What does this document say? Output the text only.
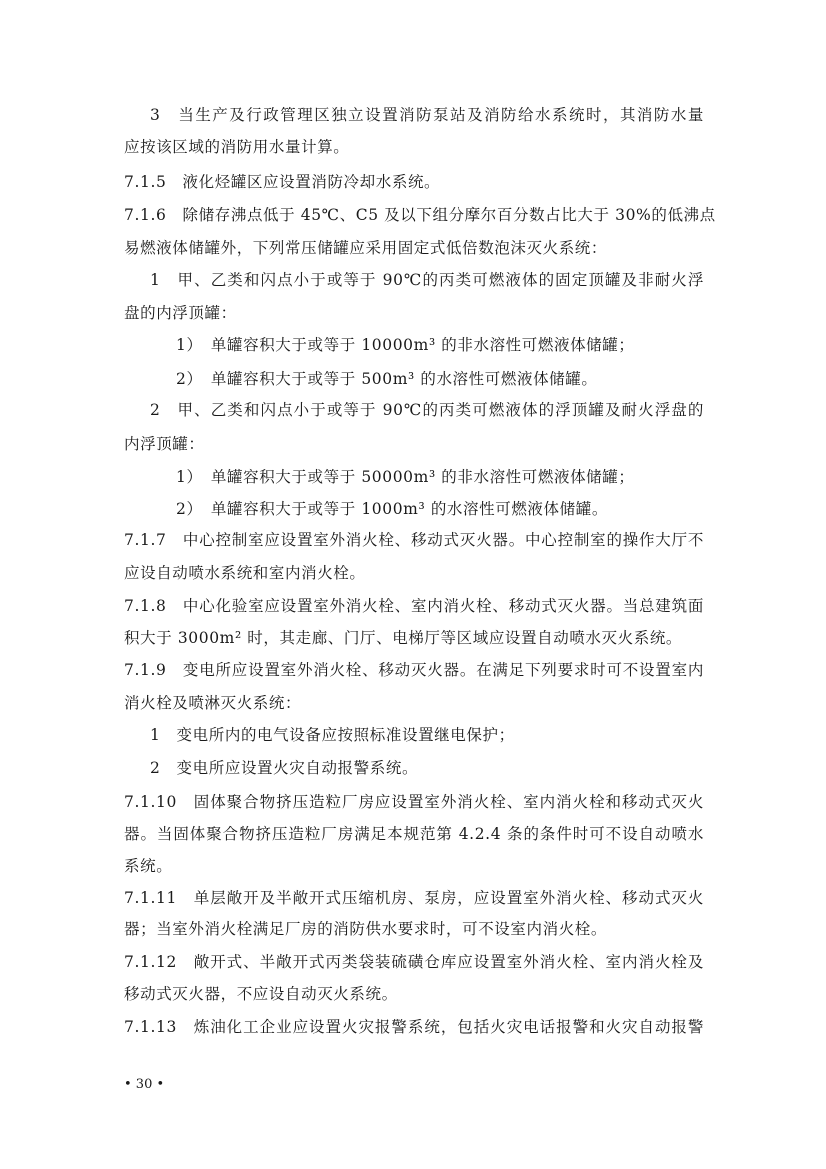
3　当生产及行政管理区独立设置消防泵站及消防给水系统时，其消防水量
应按该区域的消防用水量计算。
7.1.5　液化烃罐区应设置消防冷却水系统。
7.1.6　除储存沸点低于 45℃、C5 及以下组分摩尔百分数占比大于 30%的低沸点
易燃液体储罐外，下列常压储罐应采用固定式低倍数泡沫灭火系统：
1　甲、乙类和闪点小于或等于 90℃的丙类可燃液体的固定顶罐及非耐火浮
盘的内浮顶罐：
1）　单罐容积大于或等于 10000m³ 的非水溶性可燃液体储罐；
2）　单罐容积大于或等于 500m³ 的水溶性可燃液体储罐。
2　甲、乙类和闪点小于或等于 90℃的丙类可燃液体的浮顶罐及耐火浮盘的
内浮顶罐：
1）　单罐容积大于或等于 50000m³ 的非水溶性可燃液体储罐；
2）　单罐容积大于或等于 1000m³ 的水溶性可燃液体储罐。
7.1.7　中心控制室应设置室外消火栓、移动式灭火器。中心控制室的操作大厅不
应设自动喷水系统和室内消火栓。
7.1.8　中心化验室应设置室外消火栓、室内消火栓、移动式灭火器。当总建筑面
积大于 3000m² 时，其走廊、门厅、电梯厅等区域应设置自动喷水灭火系统。
7.1.9　变电所应设置室外消火栓、移动灭火器。在满足下列要求时可不设置室内
消火栓及喷淋灭火系统：
1　变电所内的电气设备应按照标准设置继电保护；
2　变电所应设置火灾自动报警系统。
7.1.10　固体聚合物挤压造粒厂房应设置室外消火栓、室内消火栓和移动式灭火
器。当固体聚合物挤压造粒厂房满足本规范第 4.2.4 条的条件时可不设自动喷水
系统。
7.1.11　单层敞开及半敞开式压缩机房、泵房，应设置室外消火栓、移动式灭火
器；当室外消火栓满足厂房的消防供水要求时，可不设室内消火栓。
7.1.12　敞开式、半敞开式丙类袋装硫磺仓库应设置室外消火栓、室内消火栓及
移动式灭火器，不应设自动灭火系统。
7.1.13　炼油化工企业应设置火灾报警系统，包括火灾电话报警和火灾自动报警
• 30 •
